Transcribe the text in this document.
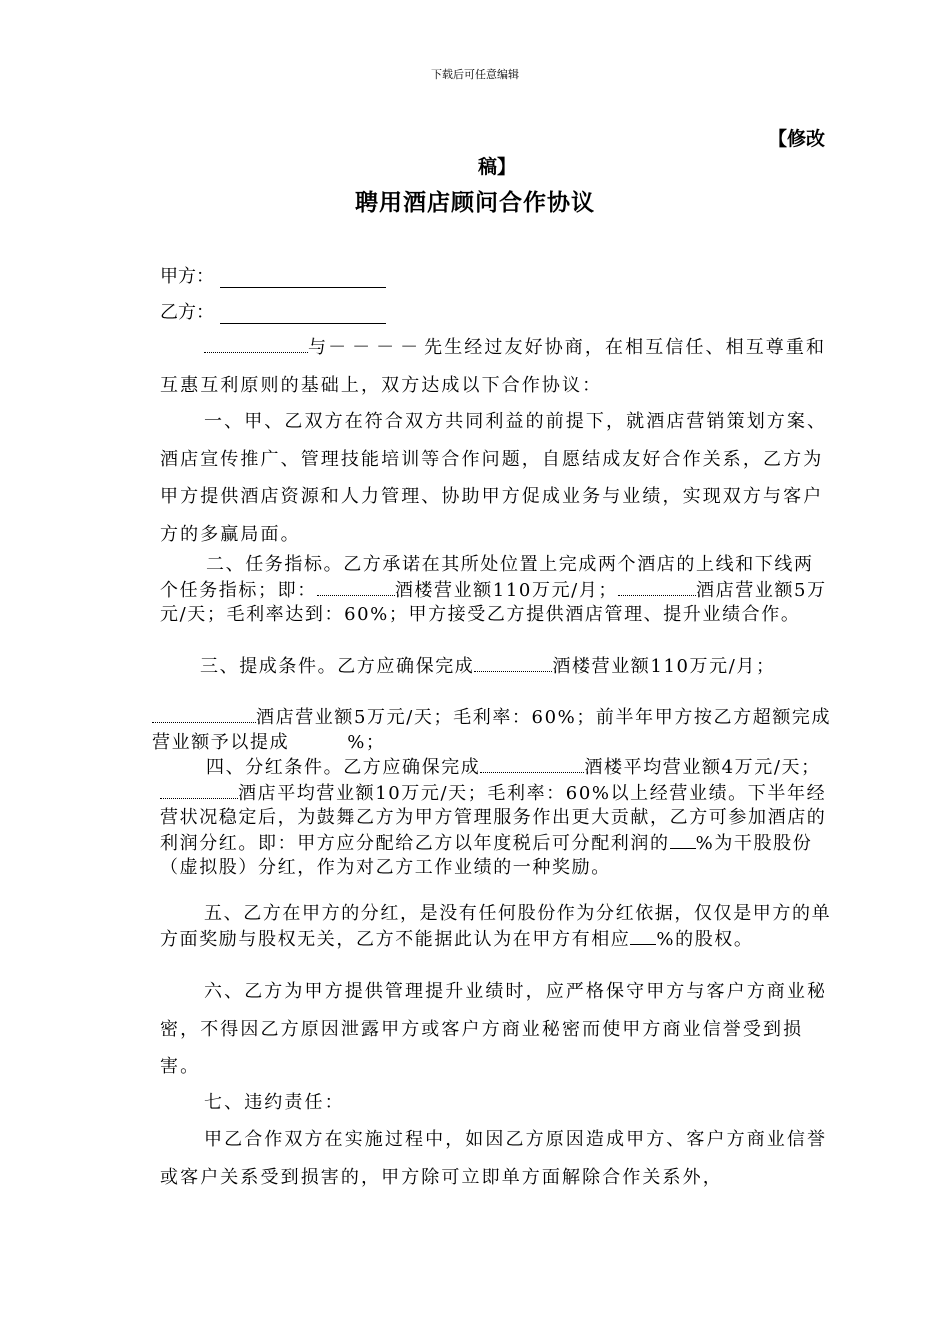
下载后可任意编辑
【修改
稿】
聘用酒店顾问合作协议
甲方：
乙方：
与－－－－先生经过友好协商，在相互信任、相互尊重和互惠互利原则的基础上，双方达成以下合作协议：
一、甲、乙双方在符合双方共同利益的前提下，就酒店营销策划方案、酒店宣传推广、管理技能培训等合作问题，自愿结成友好合作关系，乙方为甲方提供酒店资源和人力管理、协助甲方促成业务与业绩，实现双方与客户方的多赢局面。
二、任务指标。乙方承诺在其所处位置上完成两个酒店的上线和下线两个任务指标；即：	酒楼营业额110万元/月；	酒店营业额5万元/天；毛利率达到：60%；甲方接受乙方提供酒店管理、提升业绩合作。
三、提成条件。乙方应确保完成	酒楼营业额110万元/月；
酒店营业额5万元/天；毛利率：60%；前半年甲方按乙方超额完成营业额予以提成	%；
四、分红条件。乙方应确保完成	酒楼平均营业额4万元/天；酒店平均营业额10万元/天；毛利率：60%以上经营业绩。下半年经营状况稳定后，为鼓舞乙方为甲方管理服务作出更大贡献，乙方可参加酒店的利润分红。即：甲方应分配给乙方以年度税后可分配利润的 %为干股股份（虚拟股）分红，作为对乙方工作业绩的一种奖励。
五、乙方在甲方的分红，是没有任何股份作为分红依据，仅仅是甲方的单方面奖励与股权无关，乙方不能据此认为在甲方有相应 %的股权。
六、乙方为甲方提供管理提升业绩时，应严格保守甲方与客户方商业秘密，不得因乙方原因泄露甲方或客户方商业秘密而使甲方商业信誉受到损害。
七、违约责任：
甲乙合作双方在实施过程中，如因乙方原因造成甲方、客户方商业信誉或客户关系受到损害的，甲方除可立即单方面解除合作关系外，
